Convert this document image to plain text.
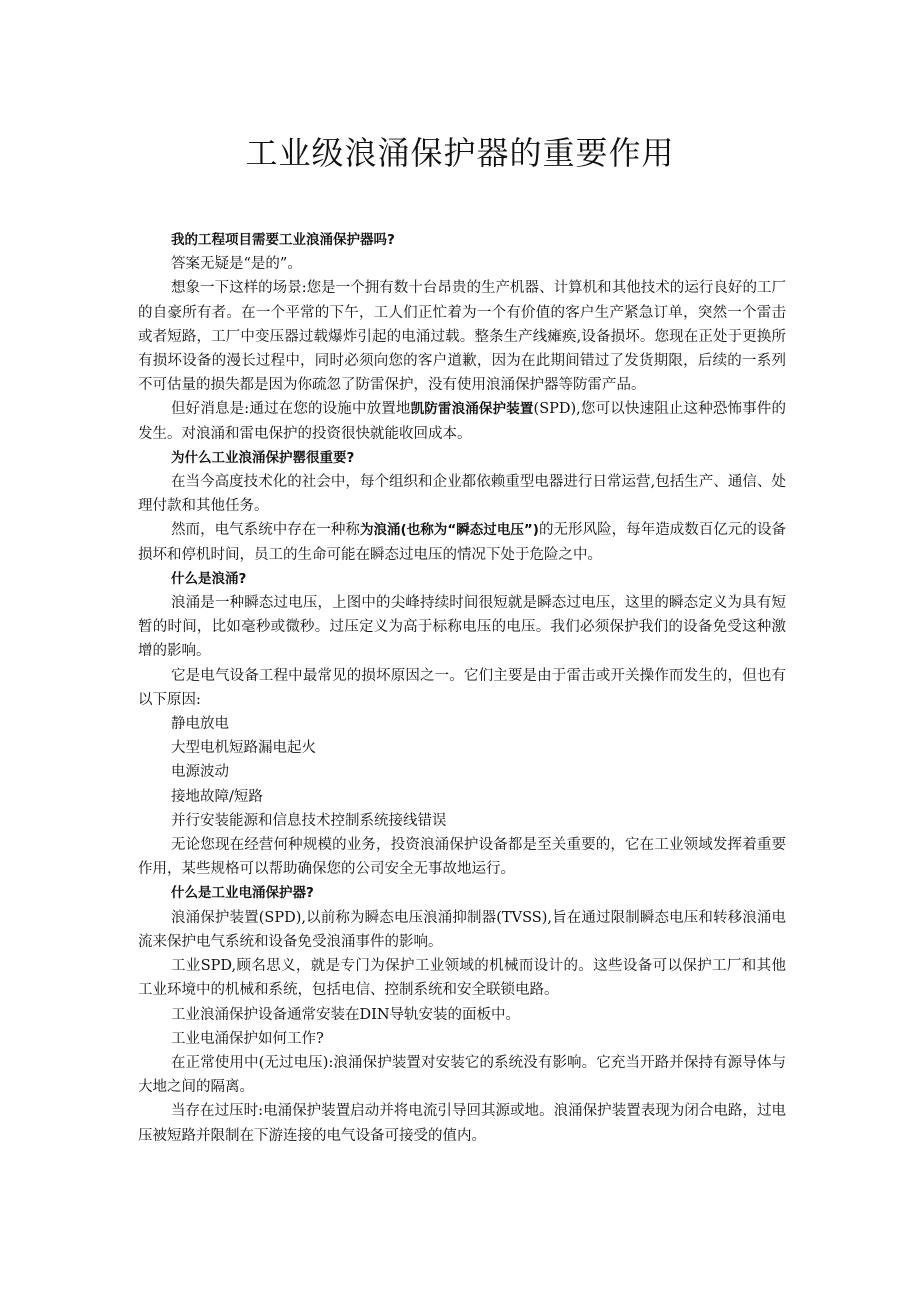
工业级浪涌保护器的重要作用

我的工程项目需要工业浪涌保护器吗?

答案无疑是“是的”。

想象一下这样的场景:您是一个拥有数十台昂贵的生产机器、计算机和其他技术的运行良好的工厂的自豪所有者。在一个平常的下午，工人们正忙着为一个有价值的客户生产紧急订单，突然一个雷击或者短路，工厂中变压器过载爆炸引起的电涌过载。整条生产线瘫痪,设备损坏。您现在正处于更换所有损坏设备的漫长过程中，同时必须向您的客户道歉，因为在此期间错过了发货期限，后续的一系列不可估量的损失都是因为你疏忽了防雷保护，没有使用浪涌保护器等防雷产品。

但好消息是:通过在您的设施中放置地凯防雷浪涌保护装置(SPD),您可以快速阻止这种恐怖事件的发生。对浪涌和雷电保护的投资很快就能收回成本。

为什么工业浪涌保护罂很重要?

在当今高度技术化的社会中，每个组织和企业都依赖重型电器进行日常运营,包括生产、通信、处理付款和其他任务。

然而，电气系统中存在一种称为浪涌(也称为“瞬态过电压”)的无形风险，每年造成数百亿元的设备损坏和停机时间，员工的生命可能在瞬态过电压的情况下处于危险之中。

什么是浪涌?

浪涌是一种瞬态过电压，上图中的尖峰持续时间很短就是瞬态过电压，这里的瞬态定义为具有短暂的时间，比如毫秒或微秒。过压定义为高于标称电压的电压。我们必须保护我们的设备免受这种激增的影响。

它是电气设备工程中最常见的损坏原因之一。它们主要是由于雷击或开关操作而发生的，但也有以下原因:

静电放电

大型电机短路漏电起火

电源波动

接地故障/短路

并行安装能源和信息技术控制系统接线错误

无论您现在经营何种规模的业务，投资浪涌保护设备都是至关重要的，它在工业领域发挥着重要作用，某些规格可以帮助确保您的公司安全无事故地运行。

什么是工业电涌保护器?

浪涌保护装置(SPD),以前称为瞬态电压浪涌抑制器(TVSS),旨在通过限制瞬态电压和转移浪涌电流来保护电气系统和设备免受浪涌事件的影响。

工业SPD,顾名思义，就是专门为保护工业领域的机械而设计的。这些设备可以保护工厂和其他工业环境中的机械和系统，包括电信、控制系统和安全联锁电路。

工业浪涌保护设备通常安装在DIN导轨安装的面板中。

工业电涌保护如何工作?

在正常使用中(无过电压):浪涌保护装置对安装它的系统没有影响。它充当开路并保持有源导体与大地之间的隔离。

当存在过压时:电涌保护装置启动并将电流引导回其源或地。浪涌保护装置表现为闭合电路，过电压被短路并限制在下游连接的电气设备可接受的值内。
